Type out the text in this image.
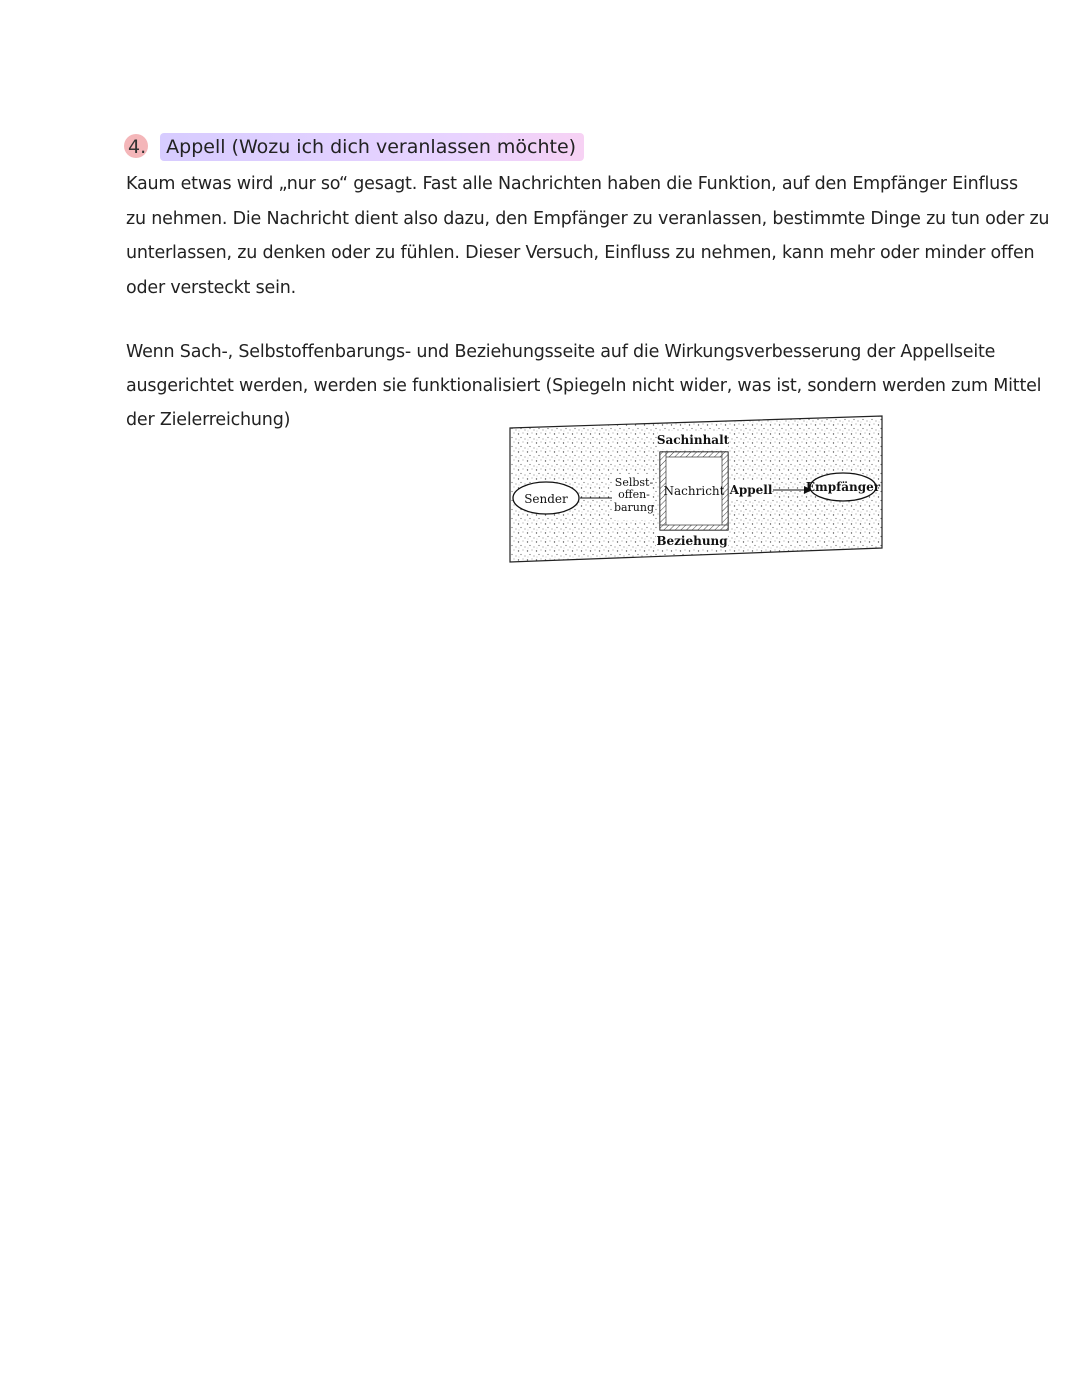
4. Appell (Wozu ich dich veranlassen möchte)
Kaum etwas wird „nur so“ gesagt. Fast alle Nachrichten haben die Funktion, auf den Empfänger Einfluss
zu nehmen. Die Nachricht dient also dazu, den Empfänger zu veranlassen, bestimmte Dinge zu tun oder zu
unterlassen, zu denken oder zu fühlen. Dieser Versuch, Einfluss zu nehmen, kann mehr oder minder offen
oder versteckt sein.
Wenn Sach-, Selbstoffenbarungs- und Beziehungsseite auf die Wirkungsverbesserung der Appellseite
ausgerichtet werden, werden sie funktionalisiert (Spiegeln nicht wider, was ist, sondern werden zum Mittel
der Zielerreichung)
Sender
Selbst-
offen-
barung
Sachinhalt
Nachricht Appell	Empfänger
Beziehung
